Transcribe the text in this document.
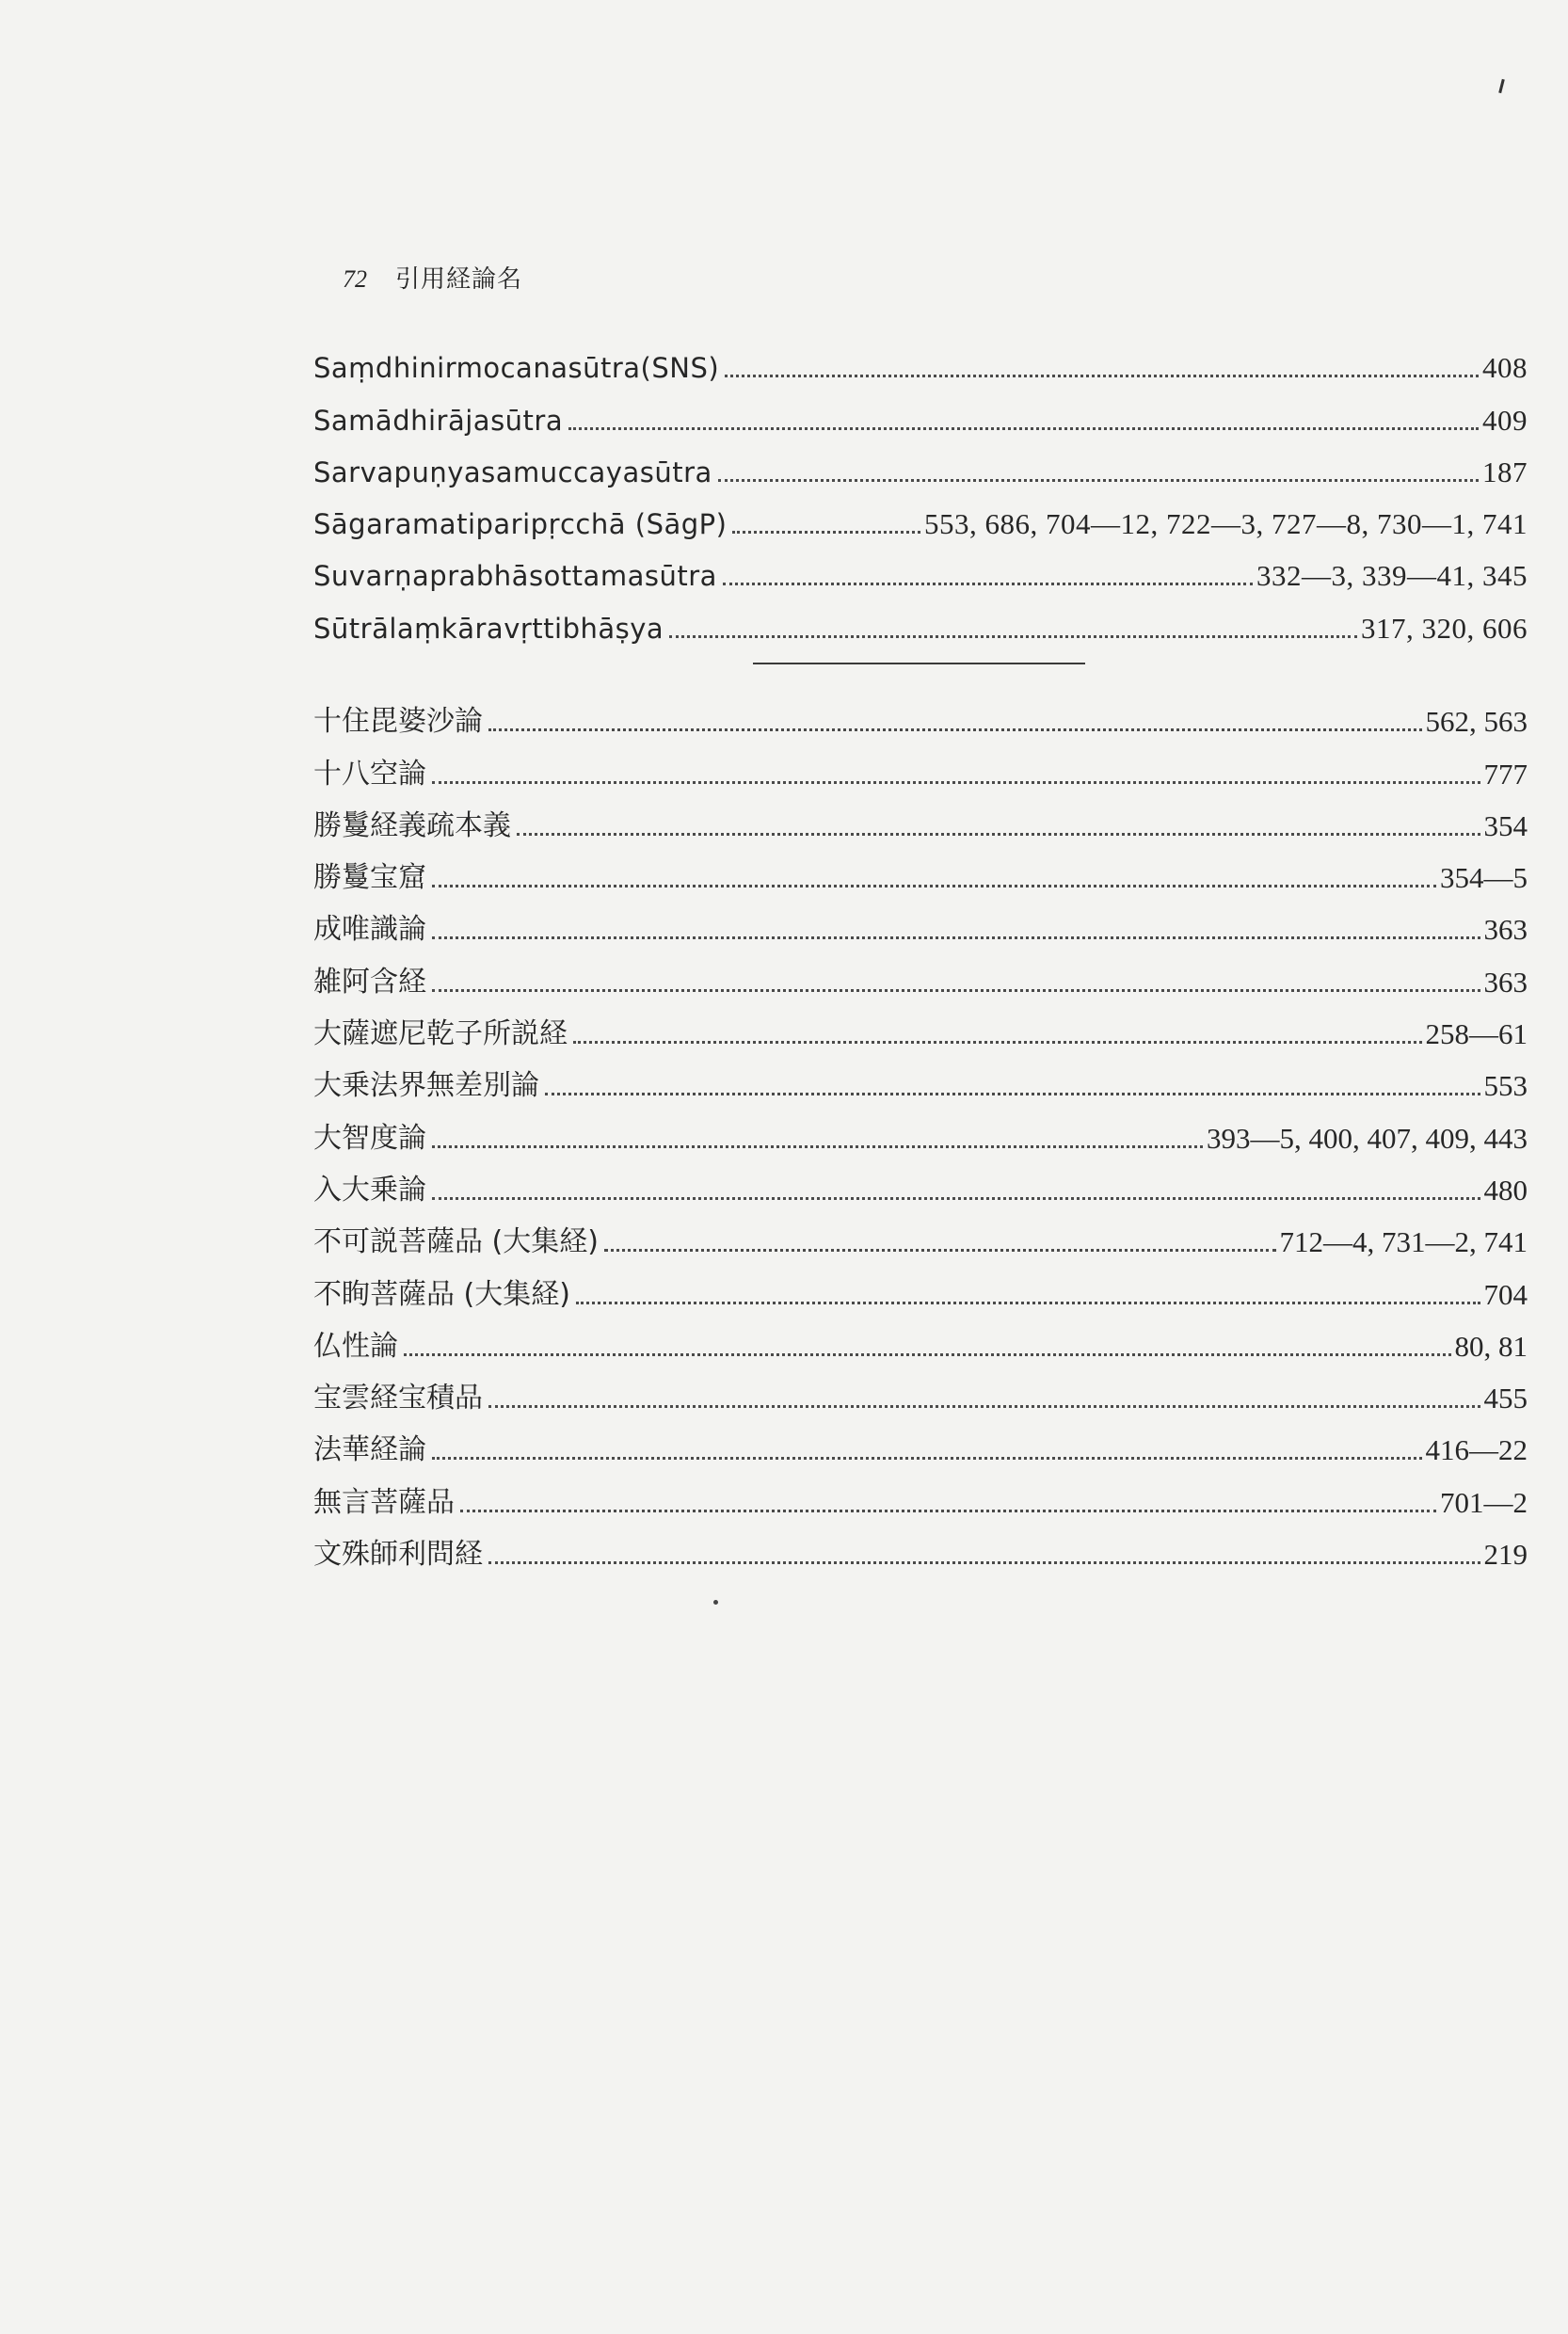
72	引用経論名
Saṃdhinirmocanasūtra(SNS)	408
Samādhirājasūtra	409
Sarvapuṇyasamuccayasūtra	187
Sāgaramatiparipṛcchā (SāgP)	553, 686, 704—12, 722—3, 727—8, 730—1, 741
Suvarṇaprabhāsottamasūtra	332—3, 339—41, 345
Sūtrālaṃkāravṛttibhāṣya	317, 320, 606
十住毘婆沙論	562, 563
十八空論	777
勝鬘経義疏本義	354
勝鬘宝窟	354—5
成唯識論	363
雑阿含経	363
大薩遮尼乾子所説経	258—61
大乗法界無差別論	553
大智度論	393—5, 400, 407, 409, 443
入大乗論	480
不可説菩薩品 (大集経)	712—4, 731—2, 741
不眴菩薩品 (大集経)	704
仏性論	80, 81
宝雲経宝積品	455
法華経論	416—22
無言菩薩品	701—2
文殊師利問経	219
